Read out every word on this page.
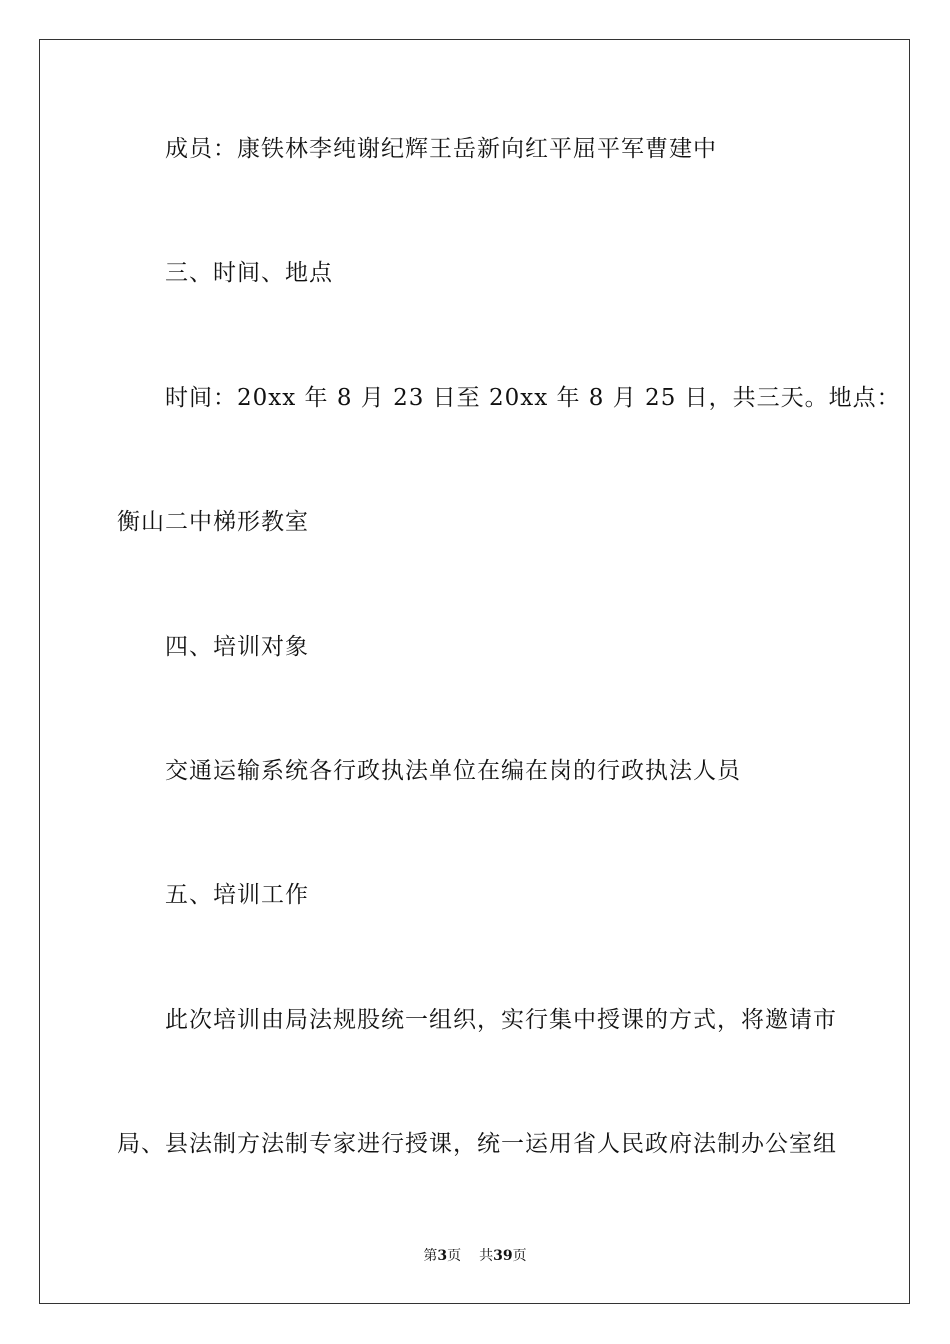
成员：康铁林李纯谢纪辉王岳新向红平屈平军曹建中
三、时间、地点
时间：20xx 年 8 月 23 日至 20xx 年 8 月 25 日，共三天。地点：
衡山二中梯形教室
四、培训对象
交通运输系统各行政执法单位在编在岗的行政执法人员
五、培训工作
此次培训由局法规股统一组织，实行集中授课的方式，将邀请市
局、县法制方法制专家进行授课，统一运用省人民政府法制办公室组
第3页 共39页
